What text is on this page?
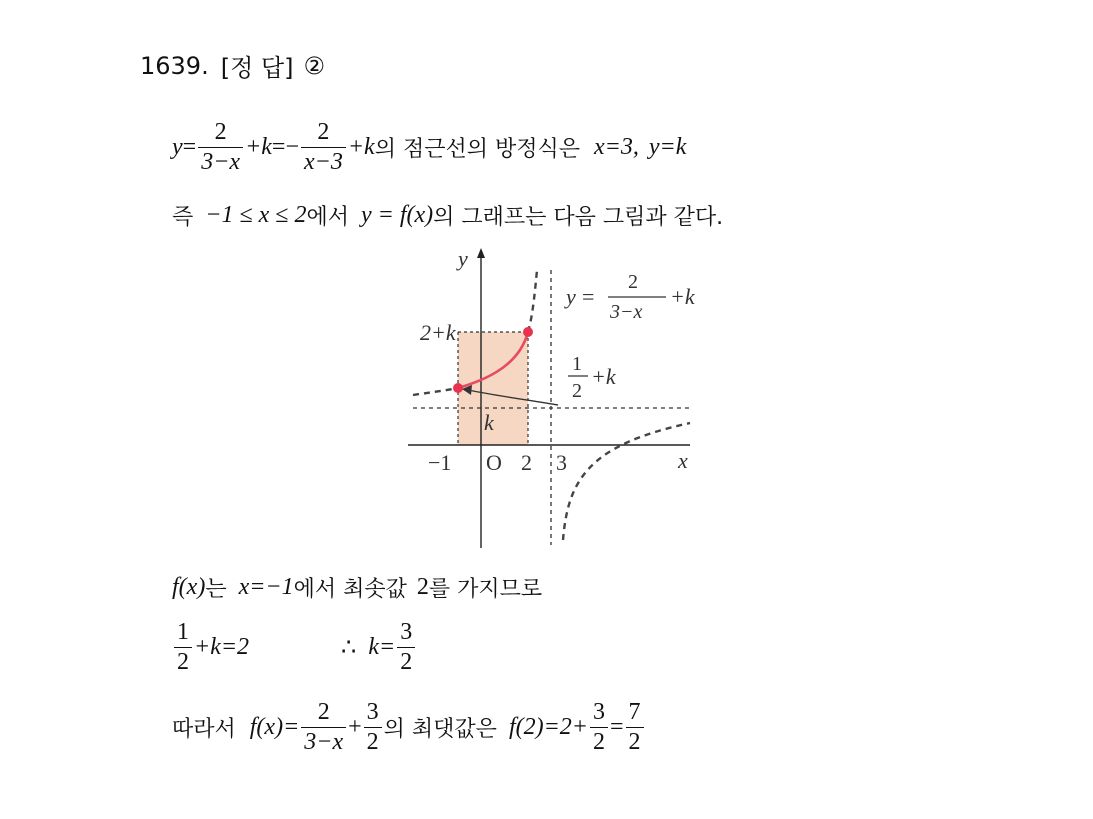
1639. [정 답] ②
$y = \frac{2}{3-x} +k =- \frac{2}{x-3} +k$ 의 점근선의 방정식은 x=3, y=k
즉 −1 ≤ x ≤ 2 에서 y = f(x) 의 그래프는 다음 그림과 같다.
y
x
O
−1	2 3
2+k
k
1
2
+k
y =
2
3−x
+k
f(x) 는 x=−1 에서 최솟값 2 를 가지므로
$\frac{1}{2} +k=2$	∴ $k= \frac{3}{2}$
따라서 $f(x)= \frac{2}{3-x} + \frac{3}{2}$ 의 최댓값은 $f(2)=2+ \frac{3}{2} = \frac{7}{2}$
